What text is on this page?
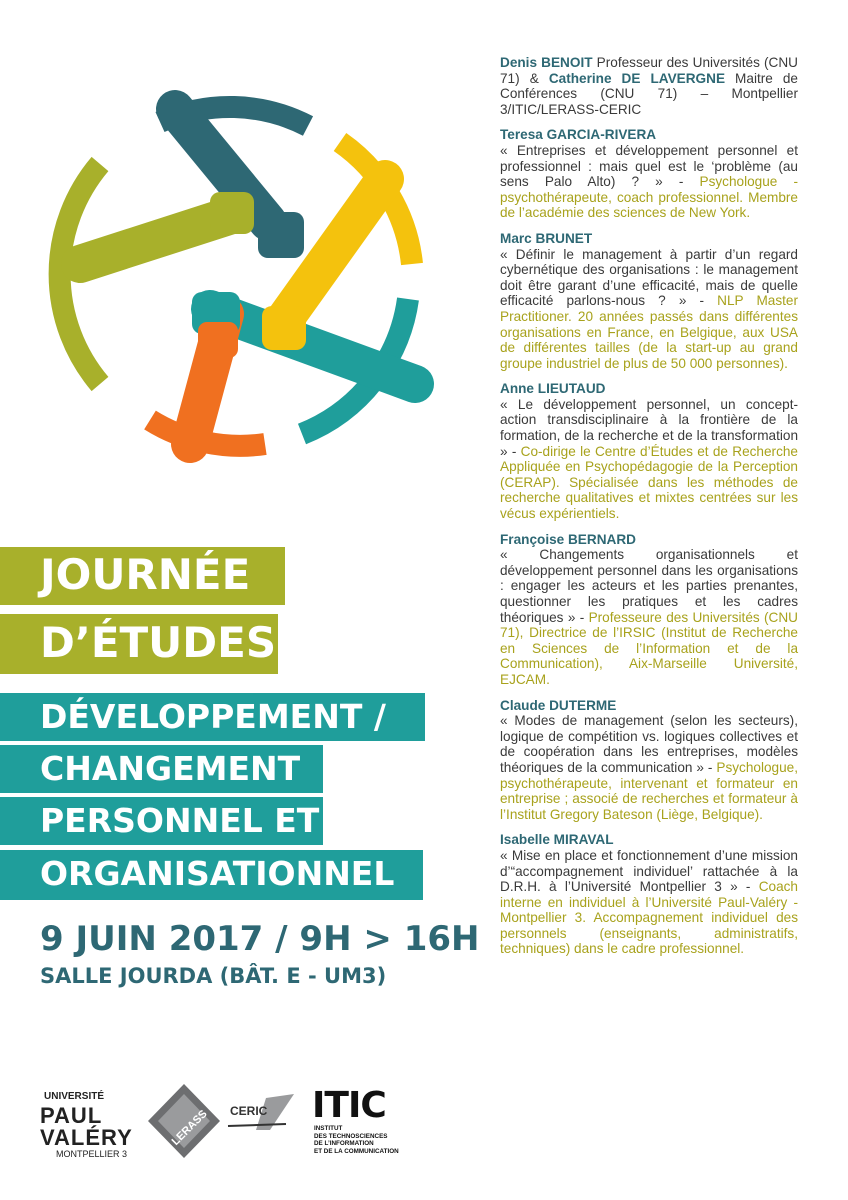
JOURNÉE
D’ÉTUDES
DÉVELOPPEMENT /
CHANGEMENT
PERSONNEL ET
ORGANISATIONNEL
9 JUIN 2017 / 9H > 16H
SALLE JOURDA (BÂT. E - UM3)
UNIVERSITÉ
PAUL
VALÉRY
MONTPELLIER 3
LERASS CERIC ITIC
INSTITUT
DES TECHNOSCIENCES
DE L’INFORMATION
ET DE LA COMMUNICATION
Denis BENOIT Professeur des Universités (CNU 71) & Catherine DE LAVERGNE Maitre de Conférences (CNU 71) – Montpellier 3/ITIC/LERASS-CERIC
Teresa GARCIA-RIVERA
« Entreprises et développement personnel et professionnel : mais quel est le ‘problème (au sens Palo Alto) ? » - Psychologue -psychothérapeute, coach professionnel. Membre de l’académie des sciences de New York.
Marc BRUNET
« Définir le management à partir d’un regard cybernétique des organisations : le management doit être garant d’une efficacité, mais de quelle efficacité parlons-nous ? » - NLP Master Practitioner. 20 années passés dans différentes organisations en France, en Belgique, aux USA de différentes tailles (de la start-up au grand groupe industriel de plus de 50 000 personnes).
Anne LIEUTAUD
« Le développement personnel, un concept-action transdisciplinaire à la frontière de la formation, de la recherche et de la transformation » - Co-dirige le Centre d’Études et de Recherche Appliquée en Psychopédagogie de la Perception (CERAP). Spécialisée dans les méthodes de recherche qualitatives et mixtes centrées sur les vécus expérientiels.
Françoise BERNARD
« Changements organisationnels et développement personnel dans les organisations : engager les acteurs et les parties prenantes, questionner les pratiques et les cadres théoriques » - Professeure des Universités (CNU 71), Directrice de l’IRSIC (Institut de Recherche en Sciences de l’Information et de la Communication), Aix-Marseille Université, EJCAM.
Claude DUTERME
« Modes de management (selon les secteurs), logique de compétition vs. logiques collectives et de coopération dans les entreprises, modèles théoriques de la communication » - Psychologue, psychothérapeute, intervenant et formateur en entreprise ; associé de recherches et formateur à l’Institut Gregory Bateson (Liège, Belgique).
Isabelle MIRAVAL
« Mise en place et fonctionnement d’une mission d’“accompagnement individuel’ rattachée à la D.R.H. à l’Université Montpellier 3 » - Coach interne en individuel à l’Université Paul-Valéry - Montpellier 3. Accompagnement individuel des personnels (enseignants, administratifs, techniques) dans le cadre professionnel.
